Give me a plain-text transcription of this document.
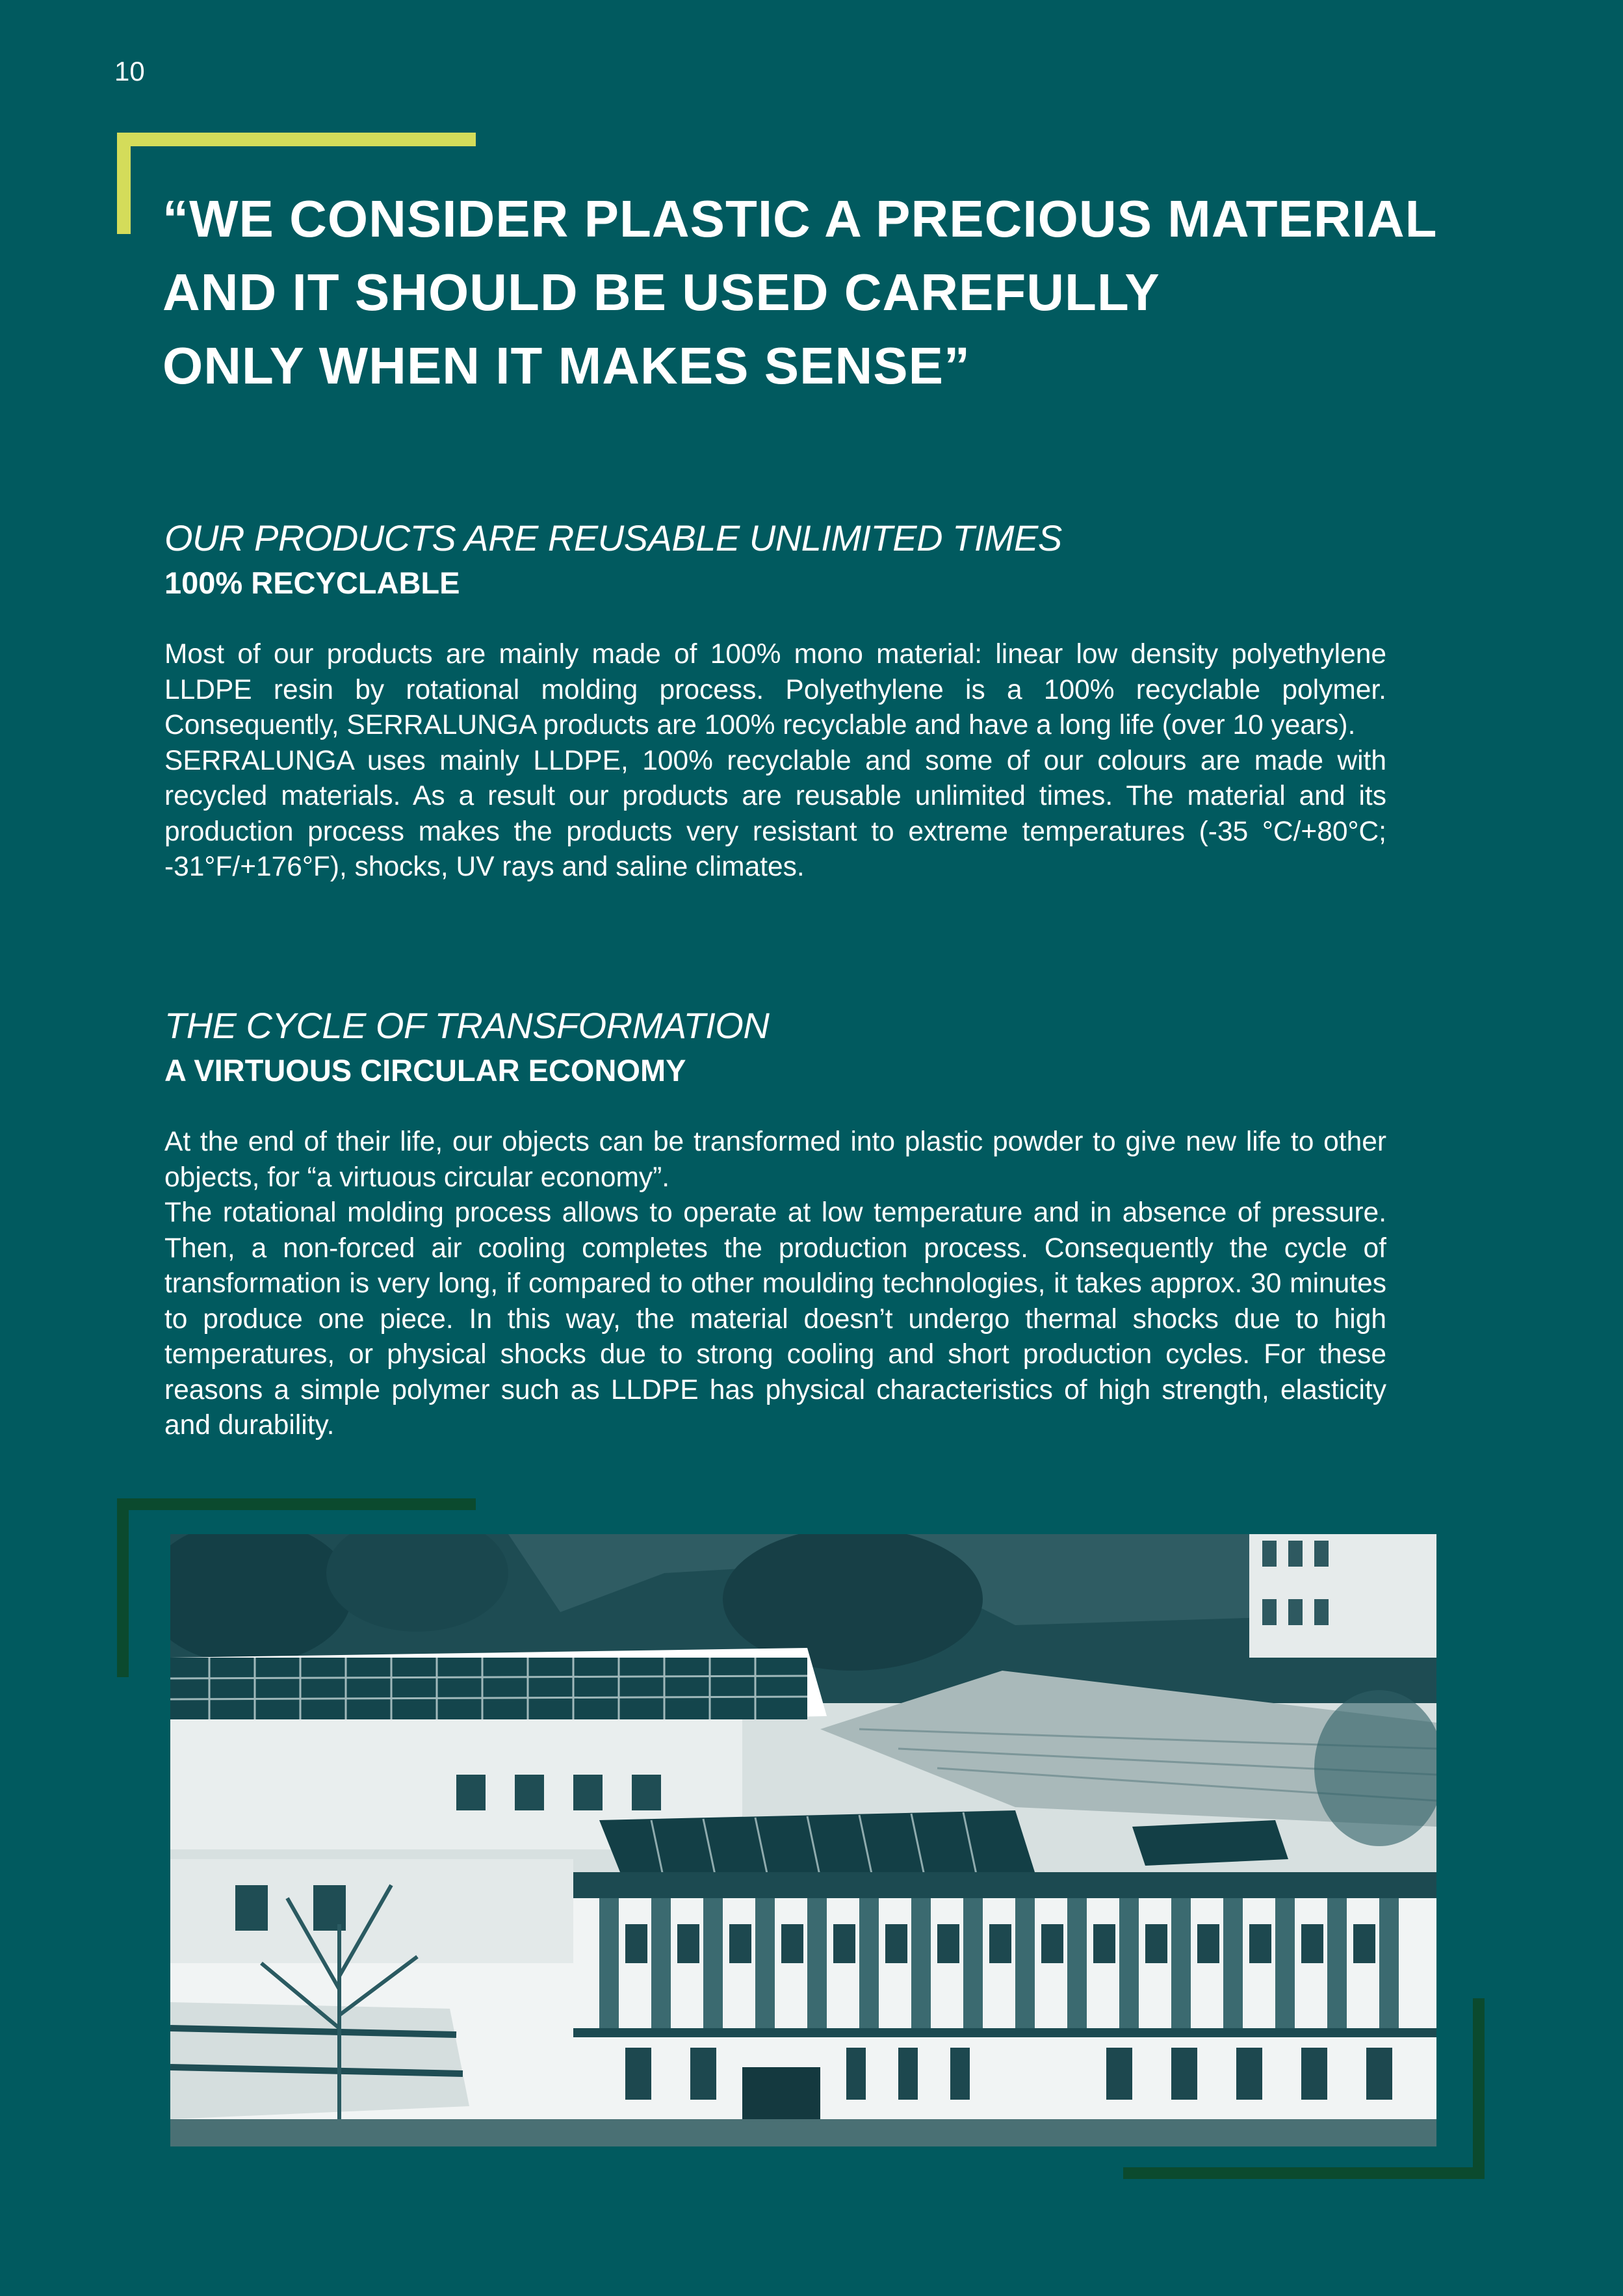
10
“WE CONSIDER PLASTIC A PRECIOUS MATERIAL
AND IT SHOULD BE USED CAREFULLY
ONLY WHEN IT MAKES SENSE”
OUR PRODUCTS ARE REUSABLE UNLIMITED TIMES
100% RECYCLABLE

Most of our products are mainly made of 100% mono material: linear low density polyethylene LLDPE resin by rotational molding process. Polyethylene is a 100% recyclable polymer. Consequently, SERRALUNGA products are 100% recyclable and have a long life (over 10 years).

SERRALUNGA uses mainly LLDPE, 100% recyclable and some of our colours are made with recycled materials. As a result our products are reusable unlimited times. The material and its production process makes the products very resistant to extreme temperatures (-35 °C/+80°C; -31°F/+176°F), shocks, UV rays and saline climates.

THE CYCLE OF TRANSFORMATION
A VIRTUOUS CIRCULAR ECONOMY

At the end of their life, our objects can be transformed into plastic powder to give new life to other objects, for “a virtuous circular economy”.

The rotational molding process allows to operate at low temperature and in absence of pressure. Then, a non-forced air cooling completes the production process. Consequently the cycle of transformation is very long, if compared to other moulding technologies, it takes approx. 30 minutes to produce one piece. In this way, the material doesn’t undergo thermal shocks due to high temperatures, or physical shocks due to strong cooling and short production cycles. For these reasons a simple polymer such as LLDPE has physical characteristics of high strength, elasticity and durability.
